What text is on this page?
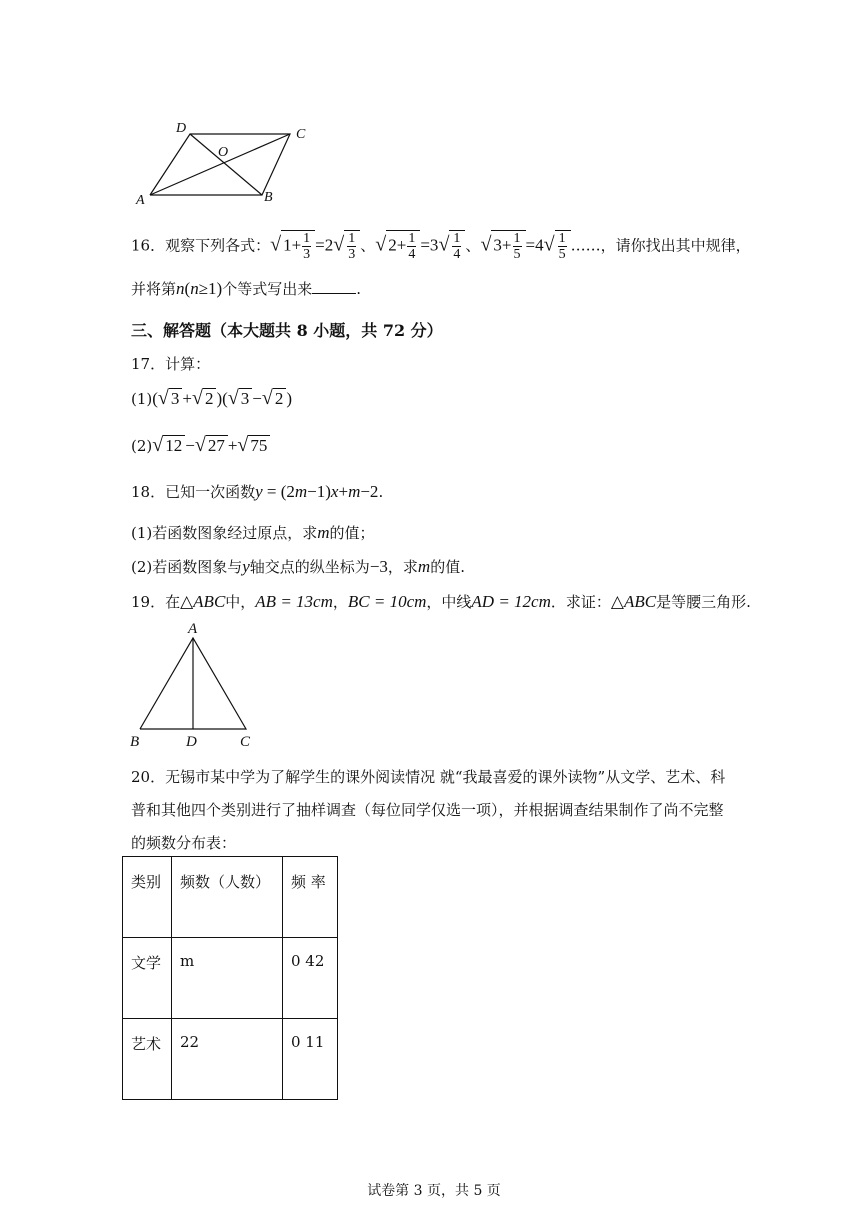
A
D	C
B
O
16．观察下列各式：√ $1+ \frac{1}{3} =2√ \frac{1}{3}$ 、√ $2+ \frac{1}{4} =3√ \frac{1}{4}$ 、√ $3+ \frac{1}{5} =4√ \frac{1}{5}$ ……，请你找出其中规律，
并将第n(n≥1)个等式写出来	.
三、解答题（本大题共 8 小题，共 72 分）
17．计算：
(1)(√ 3 +√ 2 )(√ 3 −√ 2 )
(2)√ 12 −√ 27 +√ 75
18．已知一次函数y = (2m−1)x+m−2.
(1)若函数图象经过原点，求m的值；
(2)若函数图象与y轴交点的纵坐标为−3，求m的值.
19．在△ABC中，AB = 13cm，BC = 10cm，中线AD = 12cm．求证：△ABC是等腰三角形.
A
B	D	C
20．无锡市某中学为了解学生的课外阅读情况 就“我最喜爱的课外读物”从文学、艺术、科
普和其他四个类别进行了抽样调查（每位同学仅选一项），并根据调查结果制作了尚不完整
的频数分布表：
类别	频数（人数）	频 率
文学	m	0 42
艺术	22	0 11
试卷第 3 页，共 5 页
